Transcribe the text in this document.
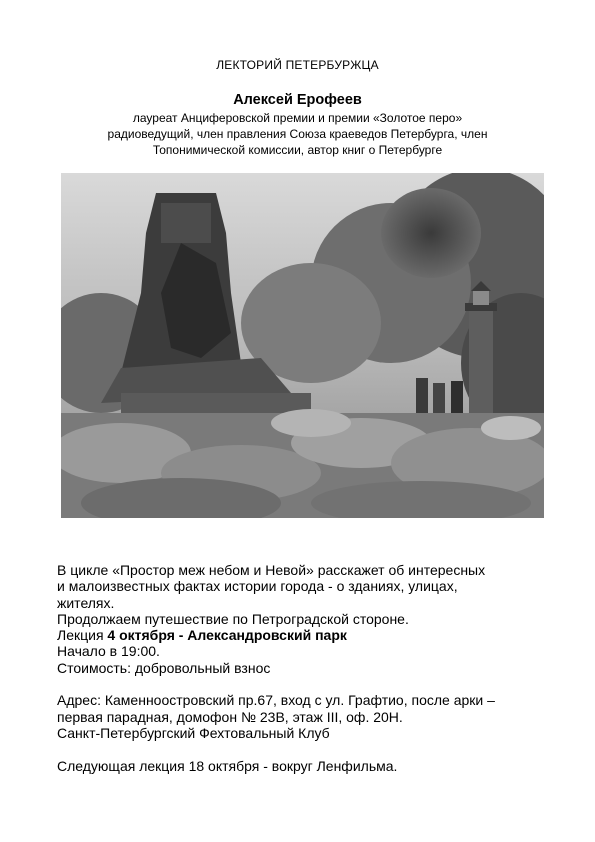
ЛЕКТОРИЙ ПЕТЕРБУРЖЦА
Алексей Ерофеев
лауреат Анциферовской премии и премии «Золотое перо»
радиоведущий, член правления Союза краеведов Петербурга, член
Топонимической комиссии, автор книг о Петербурге
В цикле «Простор меж небом и Невой» расскажет об интересных
и малоизвестных фактах истории города - о зданиях, улицах,
жителях.
Продолжаем путешествие по Петроградской стороне.
Лекция 4 октября - Александровский парк
Начало в 19:00.
Стоимость: добровольный взнос
Адрес: Каменноостровский пр.67, вход с ул. Графтио, после арки –
первая парадная, домофон № 23В, этаж III, оф. 20Н.
Санкт-Петербургский Фехтовальный Клуб
Следующая лекция 18 октября - вокруг Ленфильма.
